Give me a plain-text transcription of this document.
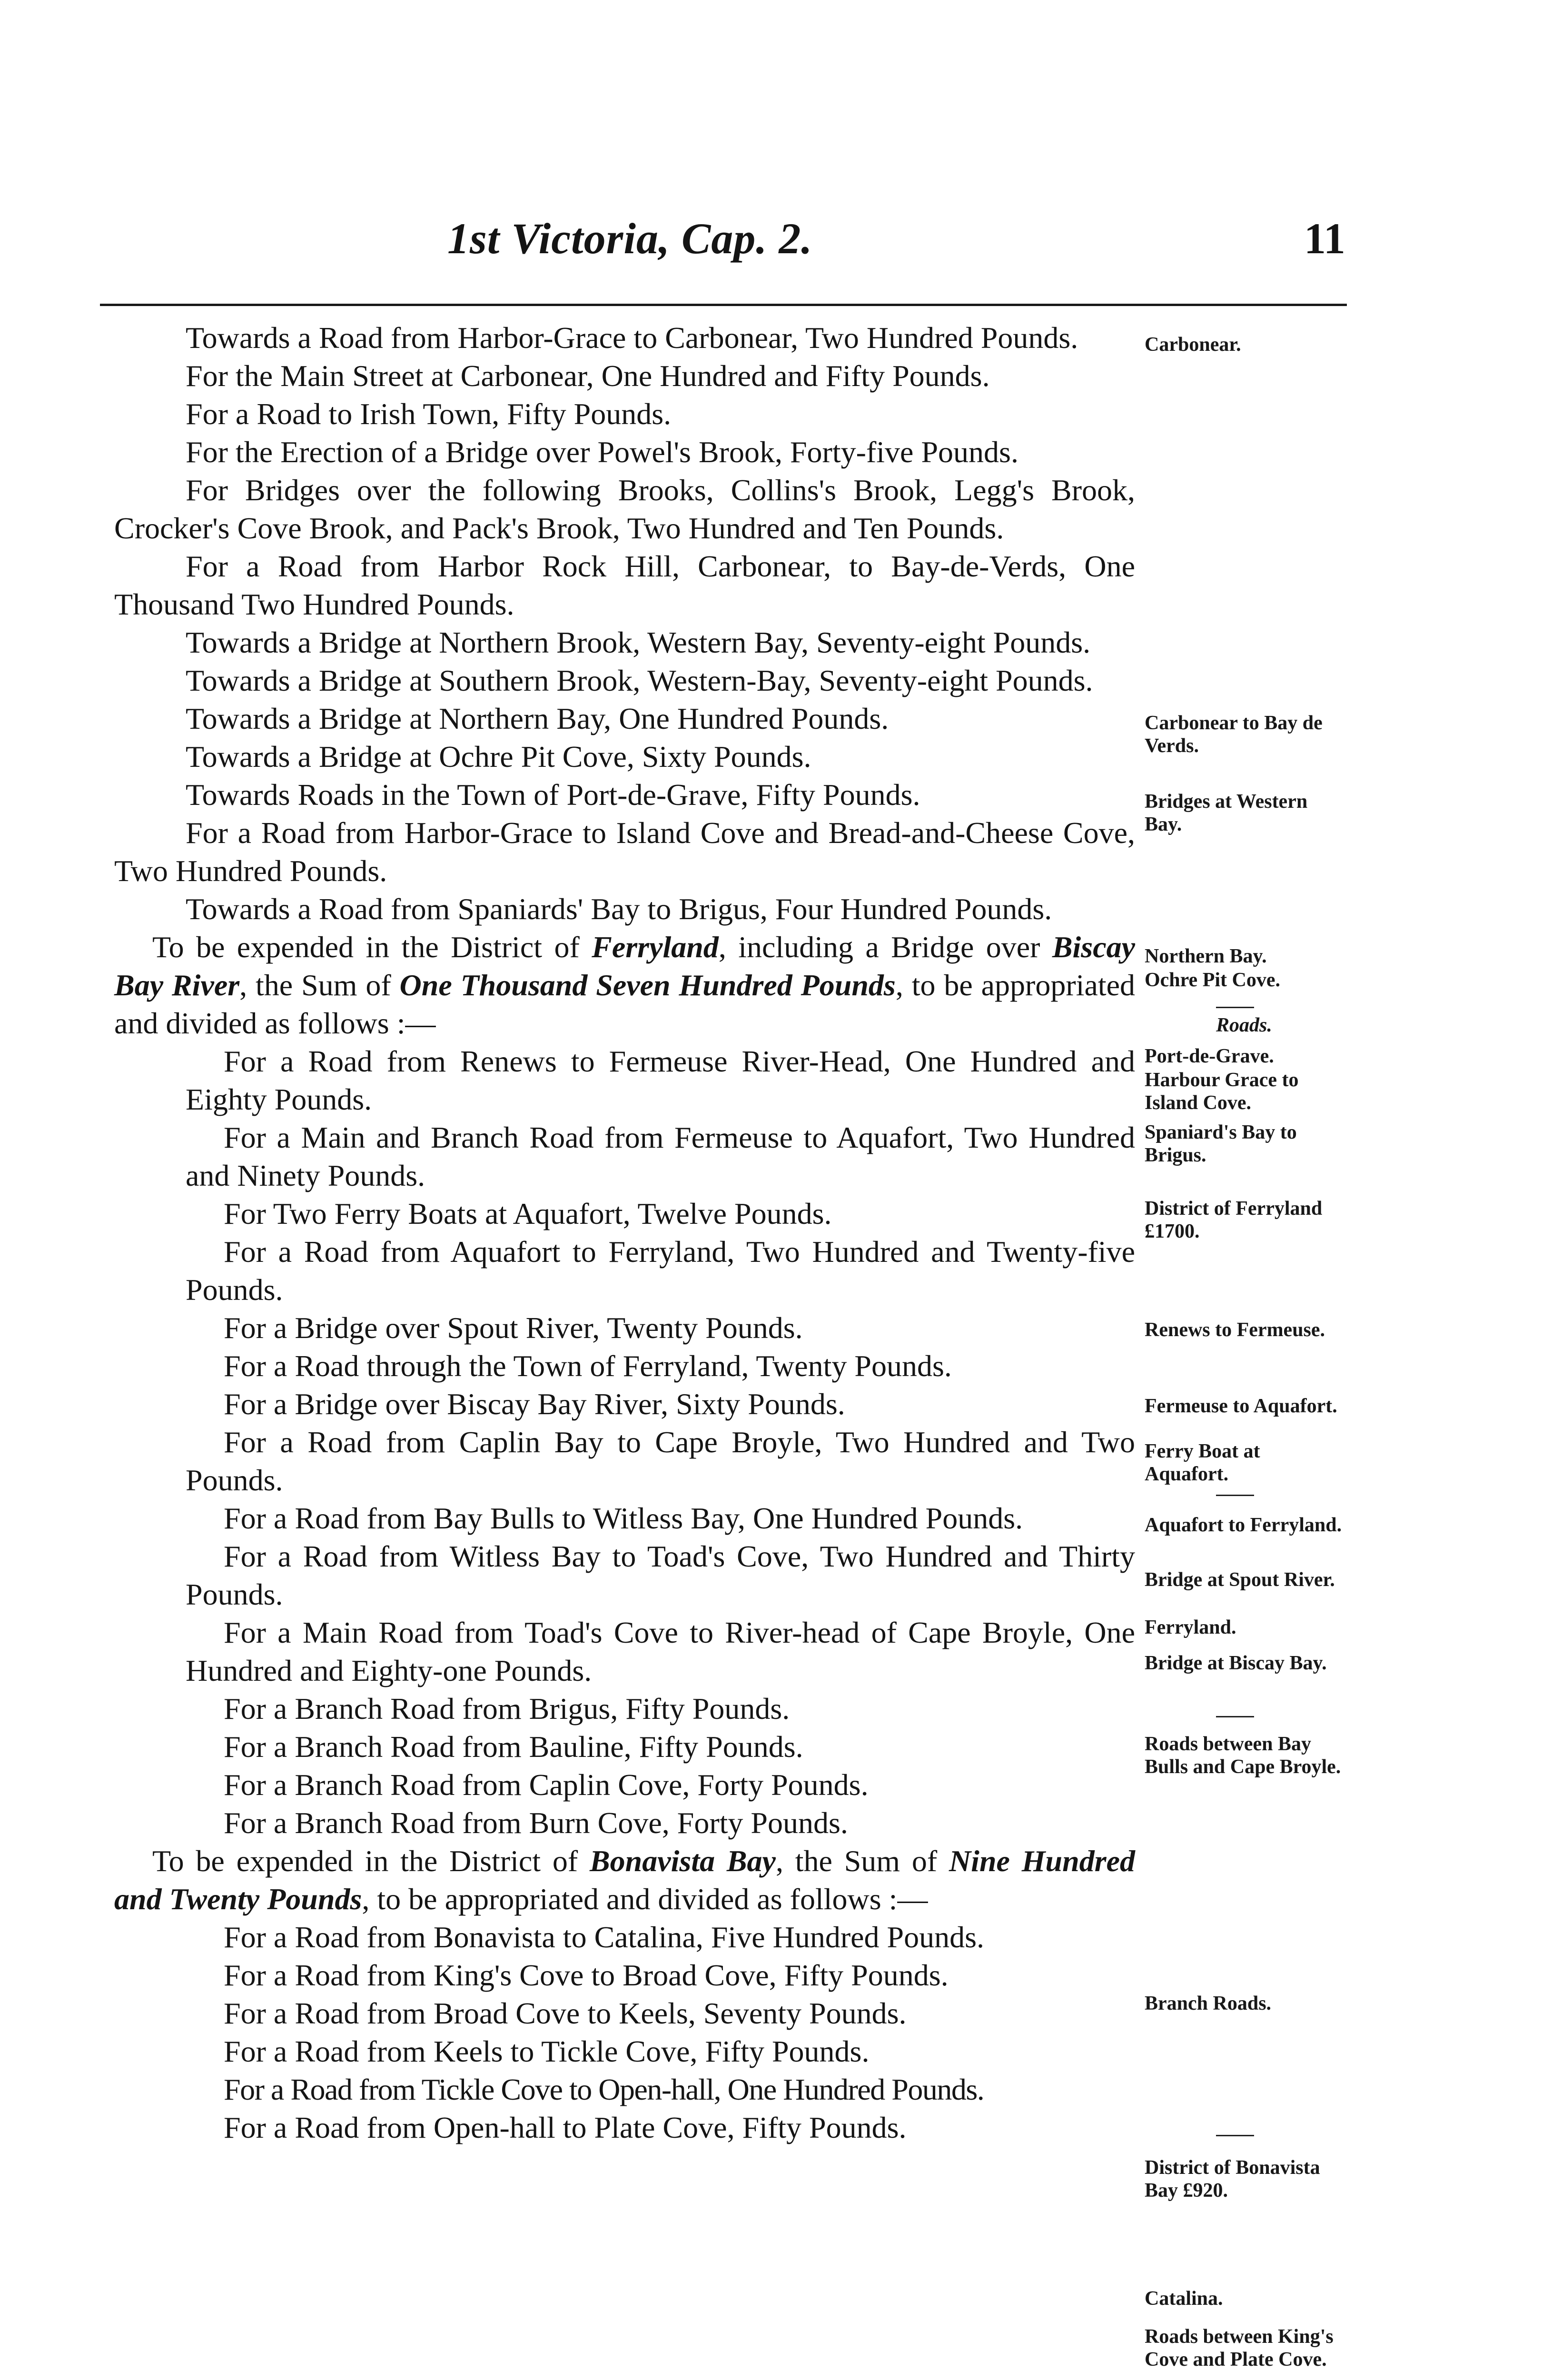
1st Victoria, Cap. 2.	11

Towards a Road from Harbor-Grace to Carbonear, Two Hundred Pounds.

For the Main Street at Carbonear, One Hundred and Fifty Pounds.

For a Road to Irish Town, Fifty Pounds.

For the Erection of a Bridge over Powel's Brook, Forty-five Pounds.

For Bridges over the following Brooks, Collins's Brook, Legg's Brook, Crocker's Cove Brook, and Pack's Brook, Two Hundred and Ten Pounds.

For a Road from Harbor Rock Hill, Carbonear, to Bay-de-Verds, One Thousand Two Hundred Pounds.

Towards a Bridge at Northern Brook, Western Bay, Seventy-eight Pounds.

Towards a Bridge at Southern Brook, Western-Bay, Seventy-eight Pounds.

Towards a Bridge at Northern Bay, One Hundred Pounds.

Towards a Bridge at Ochre Pit Cove, Sixty Pounds.

Towards Roads in the Town of Port-de-Grave, Fifty Pounds.

For a Road from Harbor-Grace to Island Cove and Bread-and-Cheese Cove, Two Hundred Pounds.

Towards a Road from Spaniards' Bay to Brigus, Four Hundred Pounds.

To be expended in the District of Ferryland, including a Bridge over Biscay Bay River, the Sum of One Thousand Seven Hundred Pounds, to be appropriated and divided as follows :—

For a Road from Renews to Fermeuse River-Head, One Hundred and Eighty Pounds.

For a Main and Branch Road from Fermeuse to Aquafort, Two Hundred and Ninety Pounds.

For Two Ferry Boats at Aquafort, Twelve Pounds.

For a Road from Aquafort to Ferryland, Two Hundred and Twenty-five Pounds.

For a Bridge over Spout River, Twenty Pounds.

For a Road through the Town of Ferryland, Twenty Pounds.

For a Bridge over Biscay Bay River, Sixty Pounds.

For a Road from Caplin Bay to Cape Broyle, Two Hundred and Two Pounds.

For a Road from Bay Bulls to Witless Bay, One Hundred Pounds.

For a Road from Witless Bay to Toad's Cove, Two Hundred and Thirty Pounds.

For a Main Road from Toad's Cove to River-head of Cape Broyle, One Hundred and Eighty-one Pounds.

For a Branch Road from Brigus, Fifty Pounds.

For a Branch Road from Bauline, Fifty Pounds.

For a Branch Road from Caplin Cove, Forty Pounds.

For a Branch Road from Burn Cove, Forty Pounds.

To be expended in the District of Bonavista Bay, the Sum of Nine Hundred and Twenty Pounds, to be appropriated and divided as follows :—

For a Road from Bonavista to Catalina, Five Hundred Pounds.

For a Road from King's Cove to Broad Cove, Fifty Pounds.

For a Road from Broad Cove to Keels, Seventy Pounds.

For a Road from Keels to Tickle Cove, Fifty Pounds.

For a Road from Tickle Cove to Open-hall, One Hundred Pounds.

For a Road from Open-hall to Plate Cove, Fifty Pounds.

Carbonear.
Carbonear to Bay de Verds.
Bridges at Western Bay.
Northern Bay.
Ochre Pit Cove.
Roads.
Port-de-Grave.
Harbour Grace to Island Cove.
Spaniard's Bay to Brigus.
District of Ferryland £1700.
Renews to Fermeuse.
Fermeuse to Aquafort.
Ferry Boat at Aquafort.
Aquafort to Ferryland.
Bridge at Spout River.
Ferryland.
Bridge at Biscay Bay.
Roads between Bay Bulls and Cape Broyle.
Branch Roads.
District of Bonavista Bay £920.
Catalina.
Roads between King's Cove and Plate Cove.
